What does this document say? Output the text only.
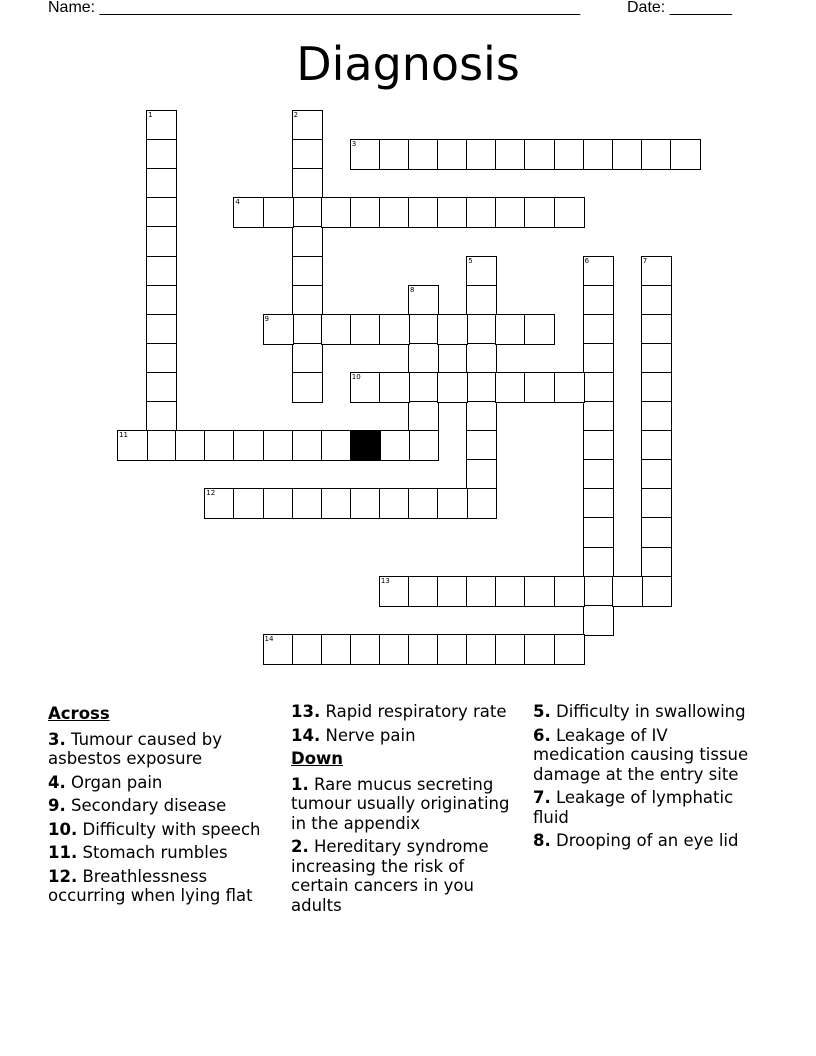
Name: ______________________________________________________	Date: _______
Diagnosis
1	2
3
4
5	6	7
8
9
10
11
12
13
14
Across
3. Tumour caused by asbestos exposure
4. Organ pain
9. Secondary disease
10. Difficulty with speech
11. Stomach rumbles
12. Breathlessness occurring when lying flat
13. Rapid respiratory rate
14. Nerve pain
Down
1. Rare mucus secreting tumour usually originating in the appendix
2. Hereditary syndrome increasing the risk of certain cancers in you adults
5. Difficulty in swallowing
6. Leakage of IV medication causing tissue damage at the entry site
7. Leakage of lymphatic fluid
8. Drooping of an eye lid
